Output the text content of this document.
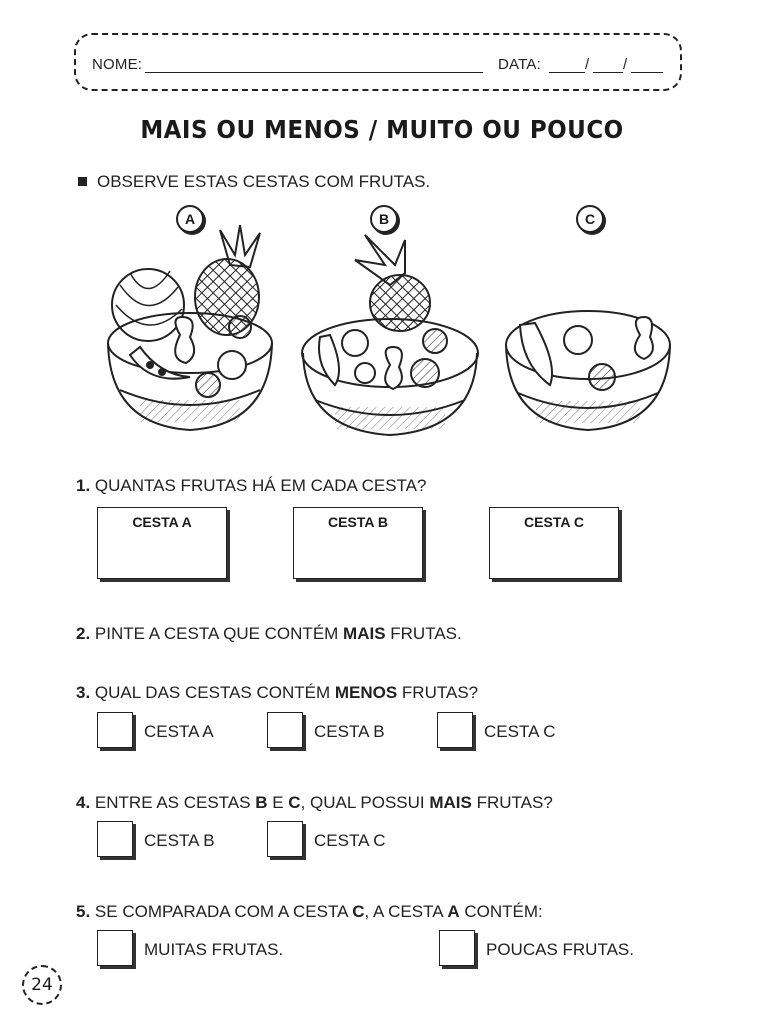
NOME:	DATA:	/ /
MAIS OU MENOS / MUITO OU POUCO
OBSERVE ESTAS CESTAS COM FRUTAS.
A	B	C
1. QUANTAS FRUTAS HÁ EM CADA CESTA?
CESTA A	CESTA B	CESTA C
2. PINTE A CESTA QUE CONTÉM MAIS FRUTAS.
3. QUAL DAS CESTAS CONTÉM MENOS FRUTAS?
CESTA A	CESTA B	CESTA C
4. ENTRE AS CESTAS B E C, QUAL POSSUI MAIS FRUTAS?
CESTA B	CESTA C
5. SE COMPARADA COM A CESTA C, A CESTA A CONTÉM:
MUITAS FRUTAS.	POUCAS FRUTAS.
24
